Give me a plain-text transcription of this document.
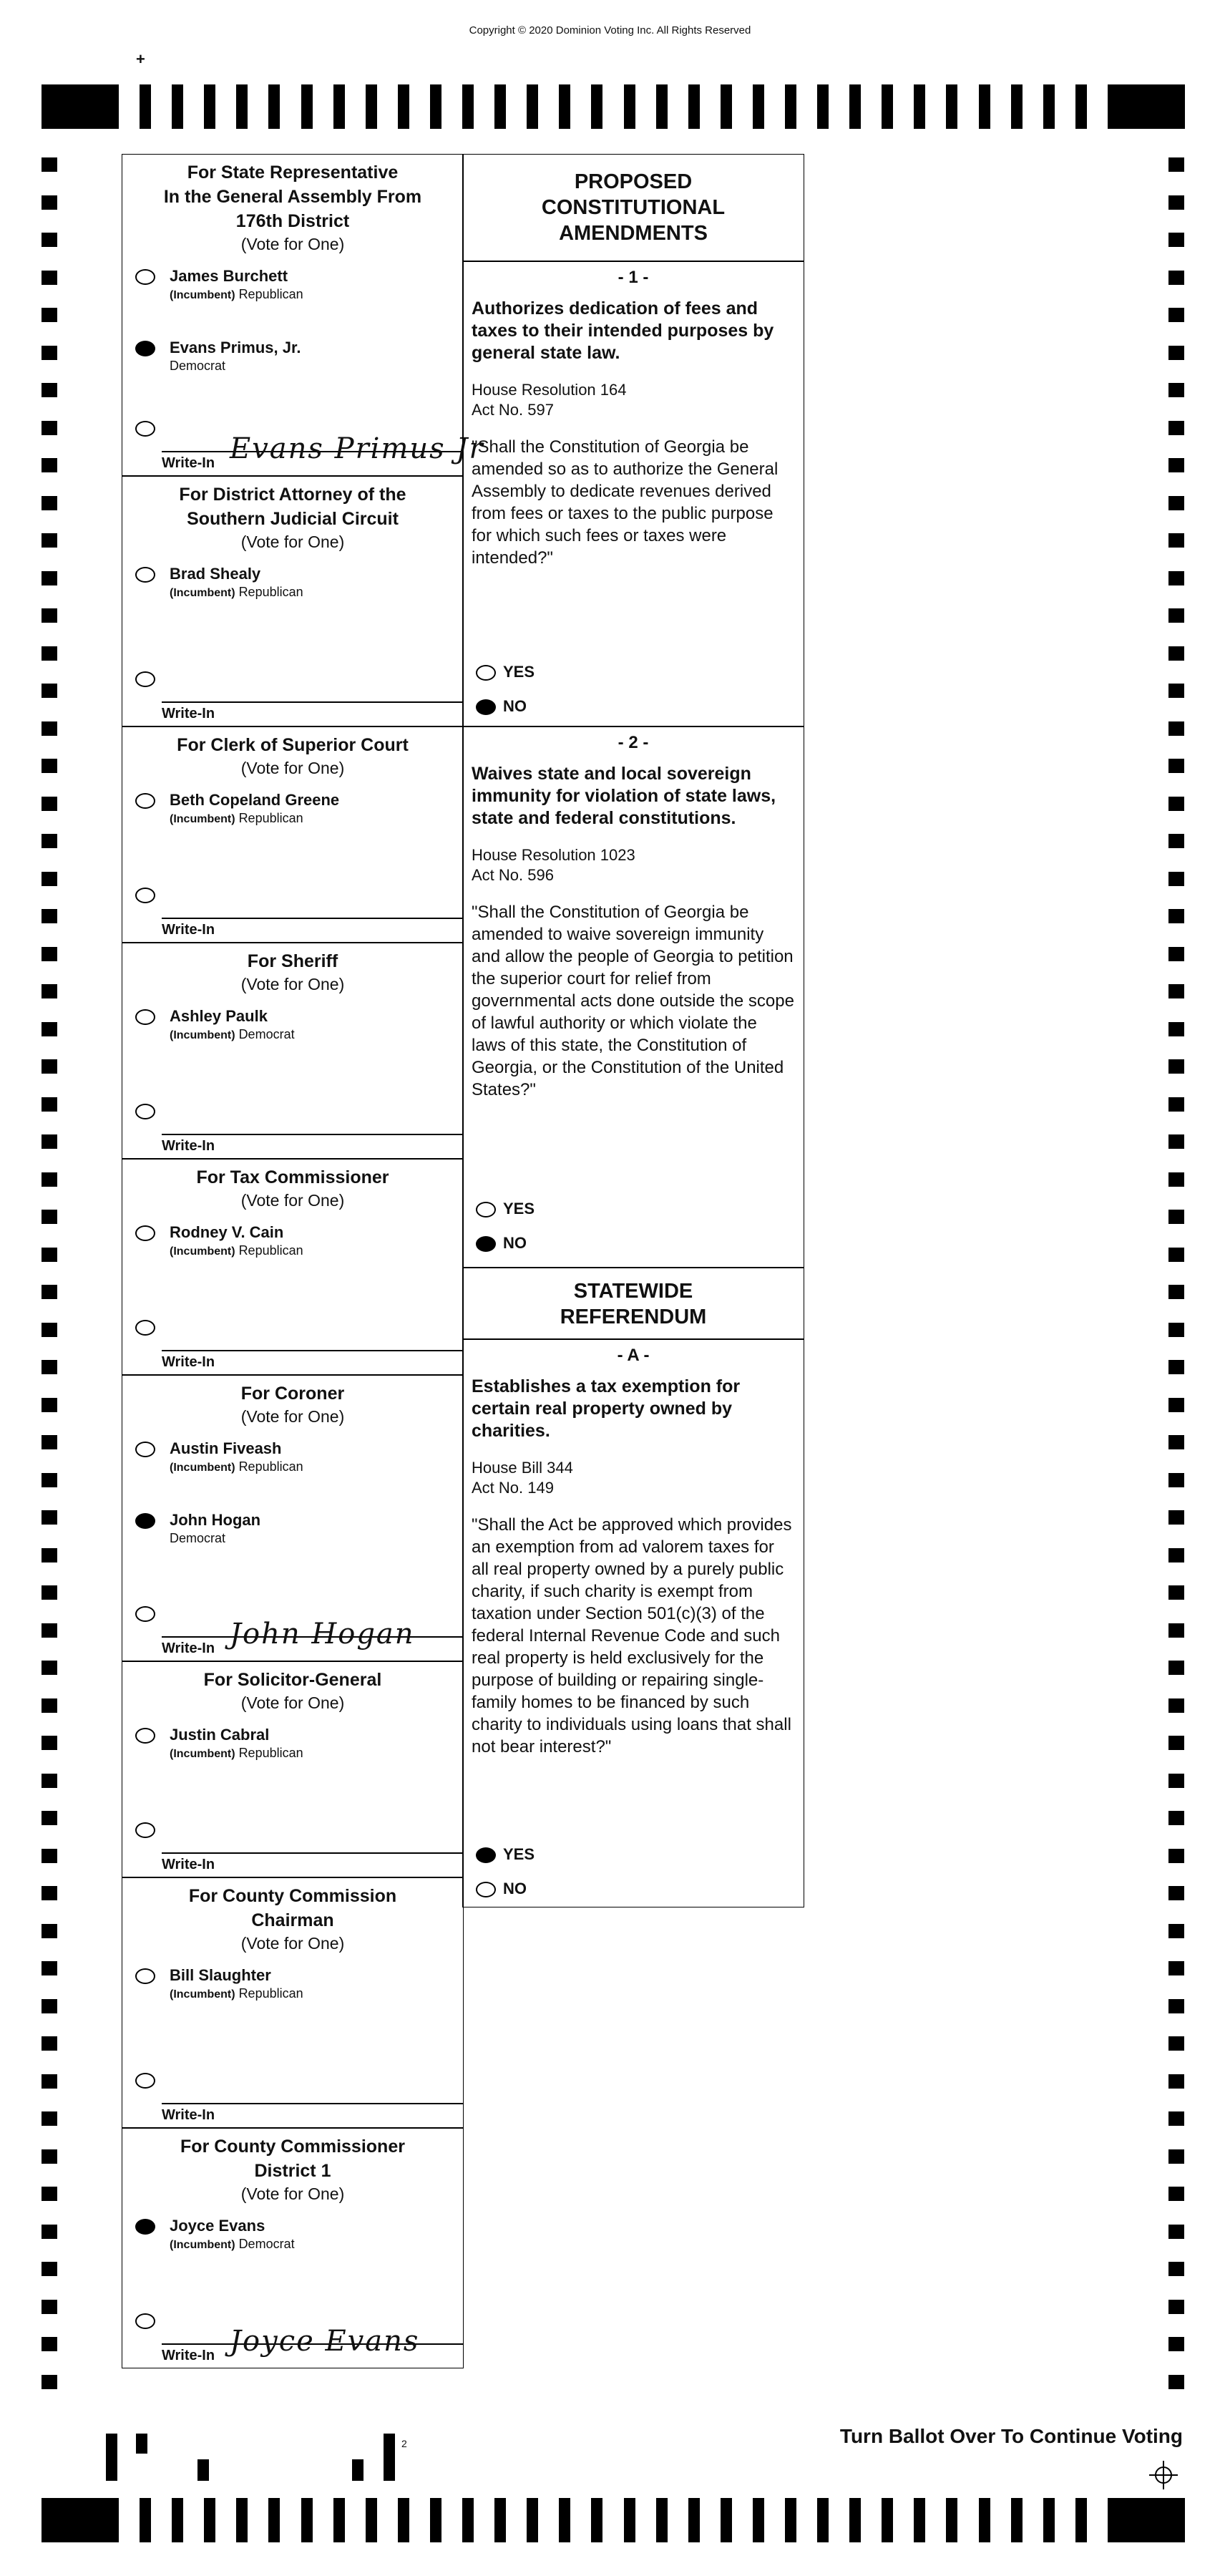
Copyright © 2020 Dominion Voting Inc. All Rights Reserved
+
For State Representative
In the General Assembly From
176th District
(Vote for One)
James Burchett
(Incumbent) Republican
Evans Primus, Jr.
Democrat
Write-In Evans Primus Jr
For District Attorney of the
Southern Judicial Circuit
(Vote for One)
Brad Shealy
(Incumbent) Republican
Write-In
For Clerk of Superior Court
(Vote for One)
Beth Copeland Greene
(Incumbent) Republican
Write-In
For Sheriff
(Vote for One)
Ashley Paulk
(Incumbent) Democrat
Write-In
For Tax Commissioner
(Vote for One)
Rodney V. Cain
(Incumbent) Republican
Write-In
For Coroner
(Vote for One)
Austin Fiveash
(Incumbent) Republican
John Hogan
Democrat
Write-In John Hogan
For Solicitor-General
(Vote for One)
Justin Cabral
(Incumbent) Republican
Write-In
For County Commission
Chairman
(Vote for One)
Bill Slaughter
(Incumbent) Republican
Write-In
For County Commissioner
District 1
(Vote for One)
Joyce Evans
(Incumbent) Democrat
Write-In Joyce Evans
PROPOSED
CONSTITUTIONAL
AMENDMENTS
- 1 -
Authorizes dedication of fees and taxes to their intended purposes by general state law.
House Resolution 164
Act No. 597
"Shall the Constitution of Georgia be amended so as to authorize the General Assembly to dedicate revenues derived from fees or taxes to the public purpose for which such fees or taxes were intended?"
YES
NO
- 2 -
Waives state and local sovereign immunity for violation of state laws, state and federal constitutions.
House Resolution 1023
Act No. 596
"Shall the Constitution of Georgia be amended to waive sovereign immunity and allow the people of Georgia to petition the superior court for relief from governmental acts done outside the scope of lawful authority or which violate the laws of this state, the Constitution of Georgia, or the Constitution of the United States?"
YES
NO
STATEWIDE
REFERENDUM
- A -
Establishes a tax exemption for certain real property owned by charities.
House Bill 344
Act No. 149
"Shall the Act be approved which provides an exemption from ad valorem taxes for all real property owned by a purely public charity, if such charity is exempt from taxation under Section 501(c)(3) of the federal Internal Revenue Code and such real property is held exclusively for the purpose of building or repairing single-family homes to be financed by such charity to individuals using loans that shall not bear interest?"
YES
NO
2	Turn Ballot Over To Continue Voting
